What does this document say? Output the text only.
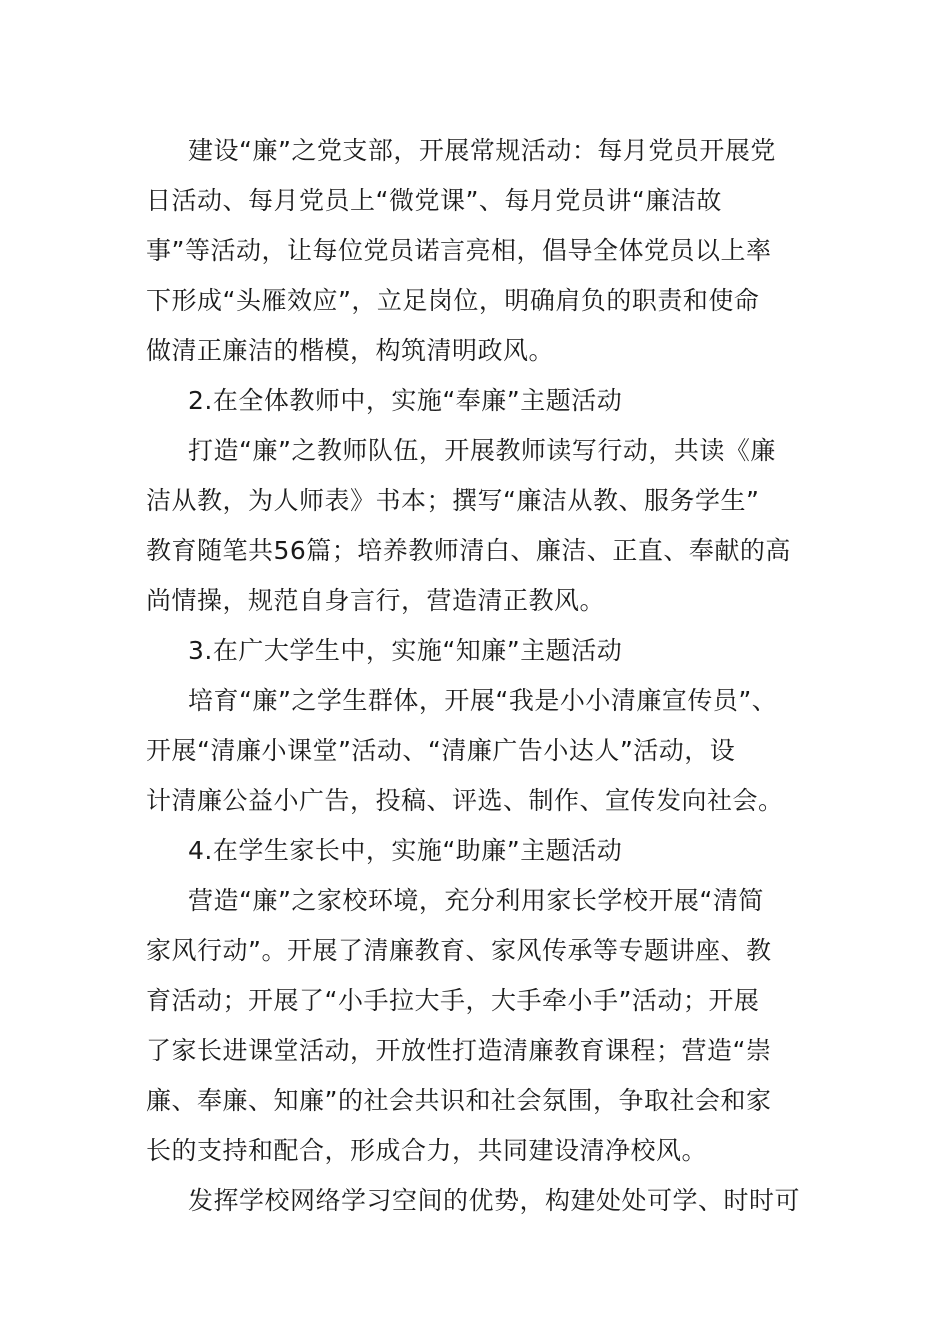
建设“廉”之党支部，开展常规活动：每月党员开展党
日活动、每月党员上“微党课”、每月党员讲“廉洁故
事”等活动，让每位党员诺言亮相，倡导全体党员以上率
下形成“头雁效应”，立足岗位，明确肩负的职责和使命
做清正廉洁的楷模，构筑清明政风。
2.在全体教师中，实施“奉廉”主题活动
打造“廉”之教师队伍，开展教师读写行动，共读《廉
洁从教，为人师表》书本；撰写“廉洁从教、服务学生”
教育随笔共56篇；培养教师清白、廉洁、正直、奉献的高
尚情操，规范自身言行，营造清正教风。
3.在广大学生中，实施“知廉”主题活动
培育“廉”之学生群体，开展“我是小小清廉宣传员”、
开展“清廉小课堂”活动、“清廉广告小达人”活动，设
计清廉公益小广告，投稿、评选、制作、宣传发向社会。
4.在学生家长中，实施“助廉”主题活动
营造“廉”之家校环境，充分利用家长学校开展“清简
家风行动”。开展了清廉教育、家风传承等专题讲座、教
育活动；开展了“小手拉大手，大手牵小手”活动；开展
了家长进课堂活动，开放性打造清廉教育课程；营造“崇
廉、奉廉、知廉”的社会共识和社会氛围，争取社会和家
长的支持和配合，形成合力，共同建设清净校风。
发挥学校网络学习空间的优势，构建处处可学、时时可
